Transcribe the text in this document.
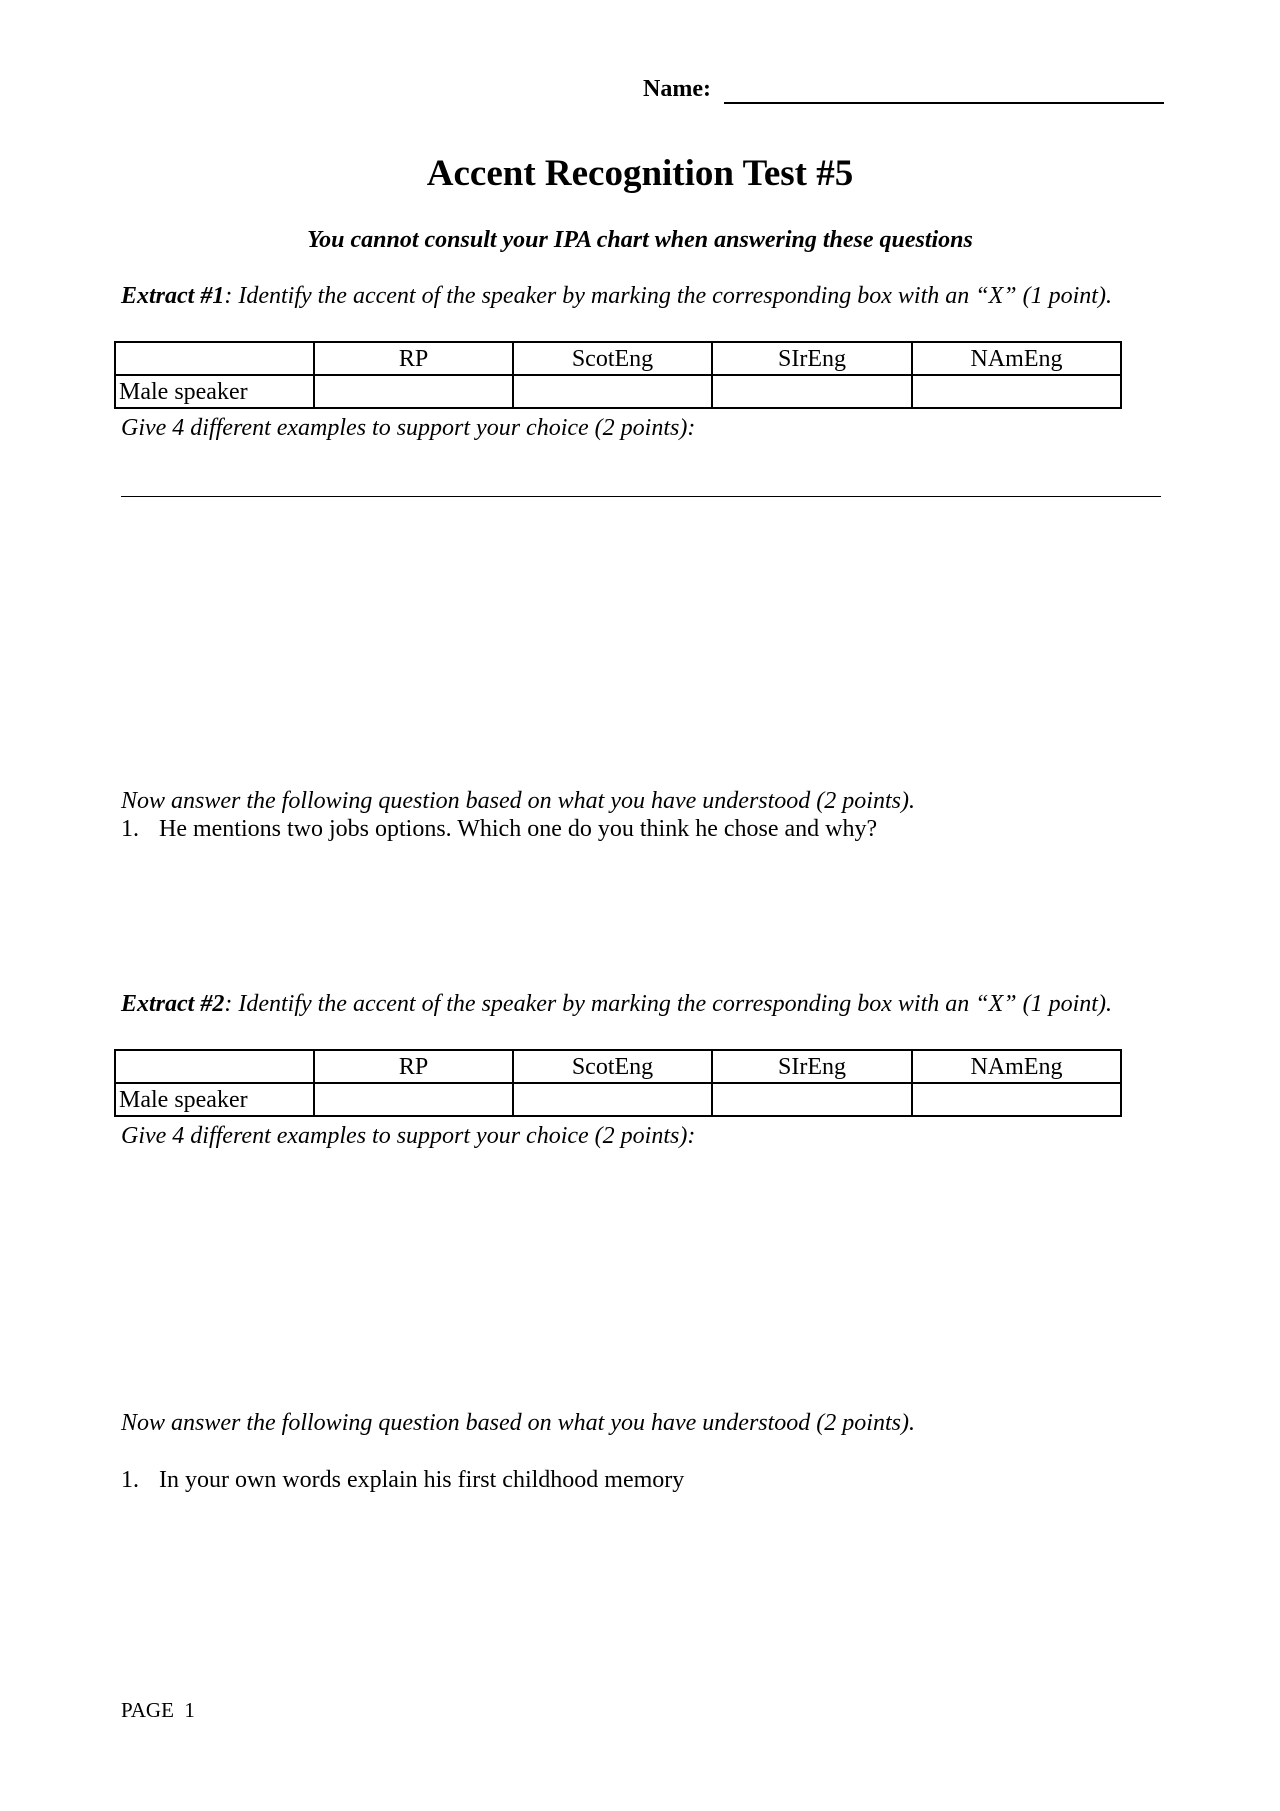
Name:
Accent Recognition Test #5
You cannot consult your IPA chart when answering these questions
Extract #1: Identify the accent of the speaker by marking the corresponding box with an “X” (1 point).
	RP	ScotEng	SIrEng	NAmEng
Male speaker				
Give 4 different examples to support your choice (2 points):
Now answer the following question based on what you have understood (2 points).
1. He mentions two jobs options. Which one do you think he chose and why?
Extract #2: Identify the accent of the speaker by marking the corresponding box with an “X” (1 point).
	RP	ScotEng	SIrEng	NAmEng
Male speaker				
Give 4 different examples to support your choice (2 points):
Now answer the following question based on what you have understood (2 points).
1. In your own words explain his first childhood memory
PAGE 1
